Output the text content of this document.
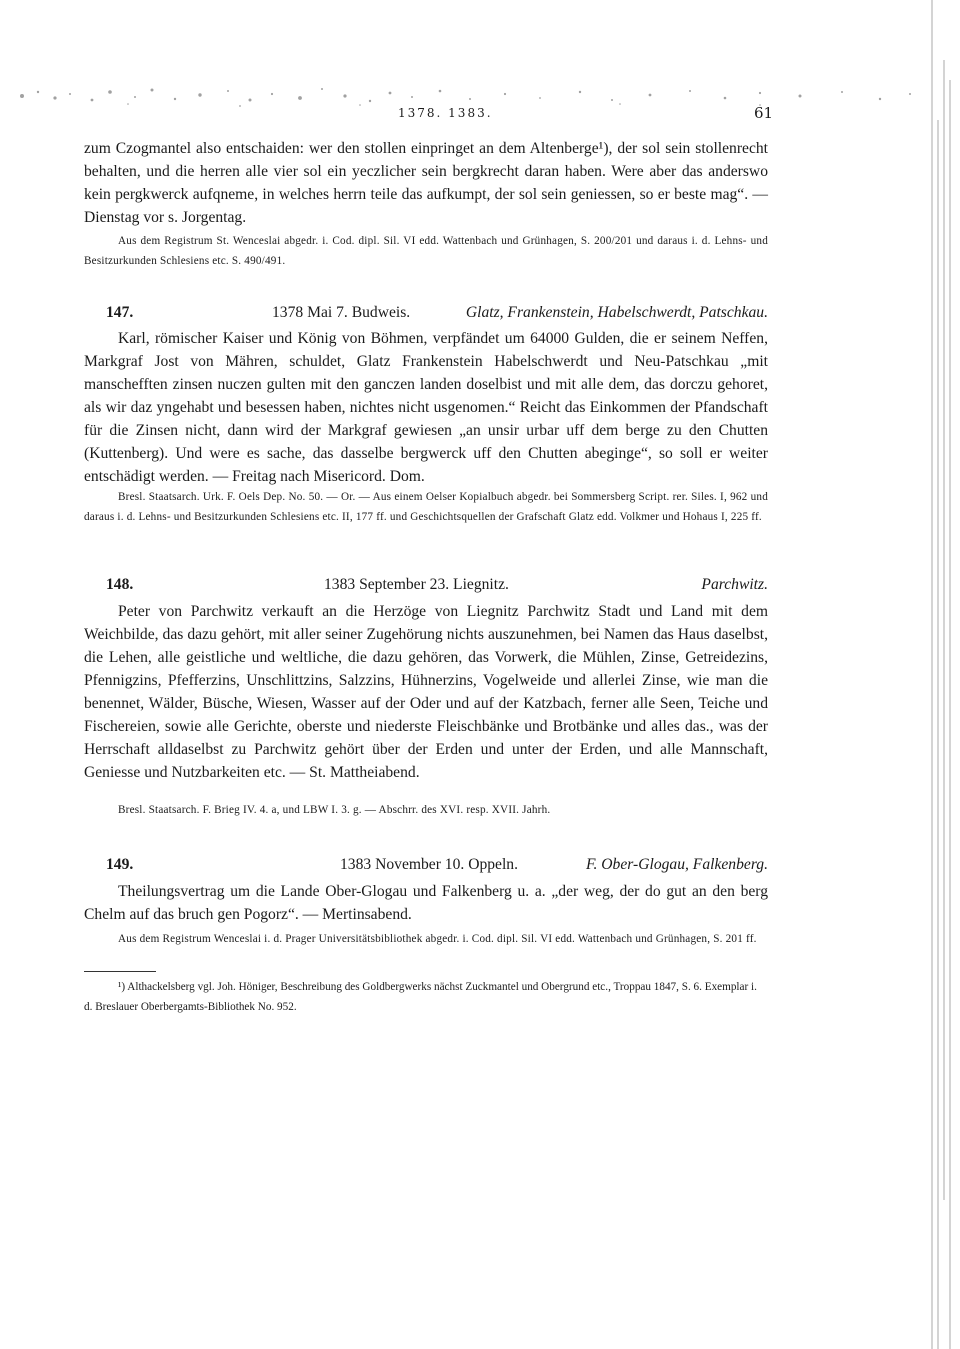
1378. 1383.	61

zum Czogmantel also entschaiden: wer den stollen einpringet an dem Altenberge¹), der sol sein stollenrecht behalten, und die herren alle vier sol ein yeczlicher sein bergkrecht daran haben. Were aber das anderswo kein pergkwerck aufqneme, in welches herrn teile das aufkumpt, der sol sein geniessen, so er beste mag“. — Dienstag vor s. Jorgentag.

Aus dem Registrum St. Wenceslai abgedr. i. Cod. dipl. Sil. VI edd. Wattenbach und Grünhagen, S. 200/201 und daraus i. d. Lehns- und Besitzurkunden Schlesiens etc. S. 490/491.

147.	1378 Mai 7. Budweis.	Glatz, Frankenstein, Habelschwerdt, Patschkau.

Karl, römischer Kaiser und König von Böhmen, verpfändet um 64000 Gulden, die er seinem Neffen, Markgraf Jost von Mähren, schuldet, Glatz Frankenstein Habelschwerdt und Neu-Patschkau „mit manschefften zinsen nuczen gulten mit den ganczen landen doselbist und mit alle dem, das dorczu gehoret, als wir daz yngehabt und besessen haben, nichtes nicht usgenomen.“ Reicht das Einkommen der Pfandschaft für die Zinsen nicht, dann wird der Markgraf gewiesen „an unsir urbar uff dem berge zu den Chutten (Kuttenberg). Und were es sache, das dasselbe bergwerck uff den Chutten abeginge“, so soll er weiter entschädigt werden. — Freitag nach Misericord. Dom.

Bresl. Staatsarch. Urk. F. Oels Dep. No. 50. — Or. — Aus einem Oelser Kopialbuch abgedr. bei Sommersberg Script. rer. Siles. I, 962 und daraus i. d. Lehns- und Besitzurkunden Schlesiens etc. II, 177 ff. und Geschichtsquellen der Grafschaft Glatz edd. Volkmer und Hohaus I, 225 ff.

148.	1383 September 23. Liegnitz.	Parchwitz.

Peter von Parchwitz verkauft an die Herzöge von Liegnitz Parchwitz Stadt und Land mit dem Weichbilde, das dazu gehört, mit aller seiner Zugehörung nichts auszunehmen, bei Namen das Haus daselbst, die Lehen, alle geistliche und weltliche, die dazu gehören, das Vorwerk, die Mühlen, Zinse, Getreidezins, Pfennigzins, Pfefferzins, Unschlittzins, Salzzins, Hühnerzins, Vogelweide und allerlei Zinse, wie man die benennet, Wälder, Büsche, Wiesen, Wasser auf der Oder und auf der Katzbach, ferner alle Seen, Teiche und Fischereien, sowie alle Gerichte, oberste und niederste Fleischbänke und Brotbänke und alles das., was der Herrschaft alldaselbst zu Parchwitz gehört über der Erden und unter der Erden, und alle Mannschaft, Geniesse und Nutzbarkeiten etc. — St. Mattheiabend.

Bresl. Staatsarch. F. Brieg IV. 4. a, und LBW I. 3. g. — Abschrr. des XVI. resp. XVII. Jahrh.

149.	1383 November 10. Oppeln.	F. Ober-Glogau, Falkenberg.

Theilungsvertrag um die Lande Ober-Glogau und Falkenberg u. a. „der weg, der do gut an den berg Chelm auf das bruch gen Pogorz“. — Mertinsabend.

Aus dem Registrum Wenceslai i. d. Prager Universitätsbibliothek abgedr. i. Cod. dipl. Sil. VI edd. Wattenbach und Grünhagen, S. 201 ff.

¹) Althackelsberg vgl. Joh. Höniger, Beschreibung des Goldbergwerks nächst Zuckmantel und Obergrund etc., Troppau 1847, S. 6. Exemplar i. d. Breslauer Oberbergamts-Bibliothek No. 952.
